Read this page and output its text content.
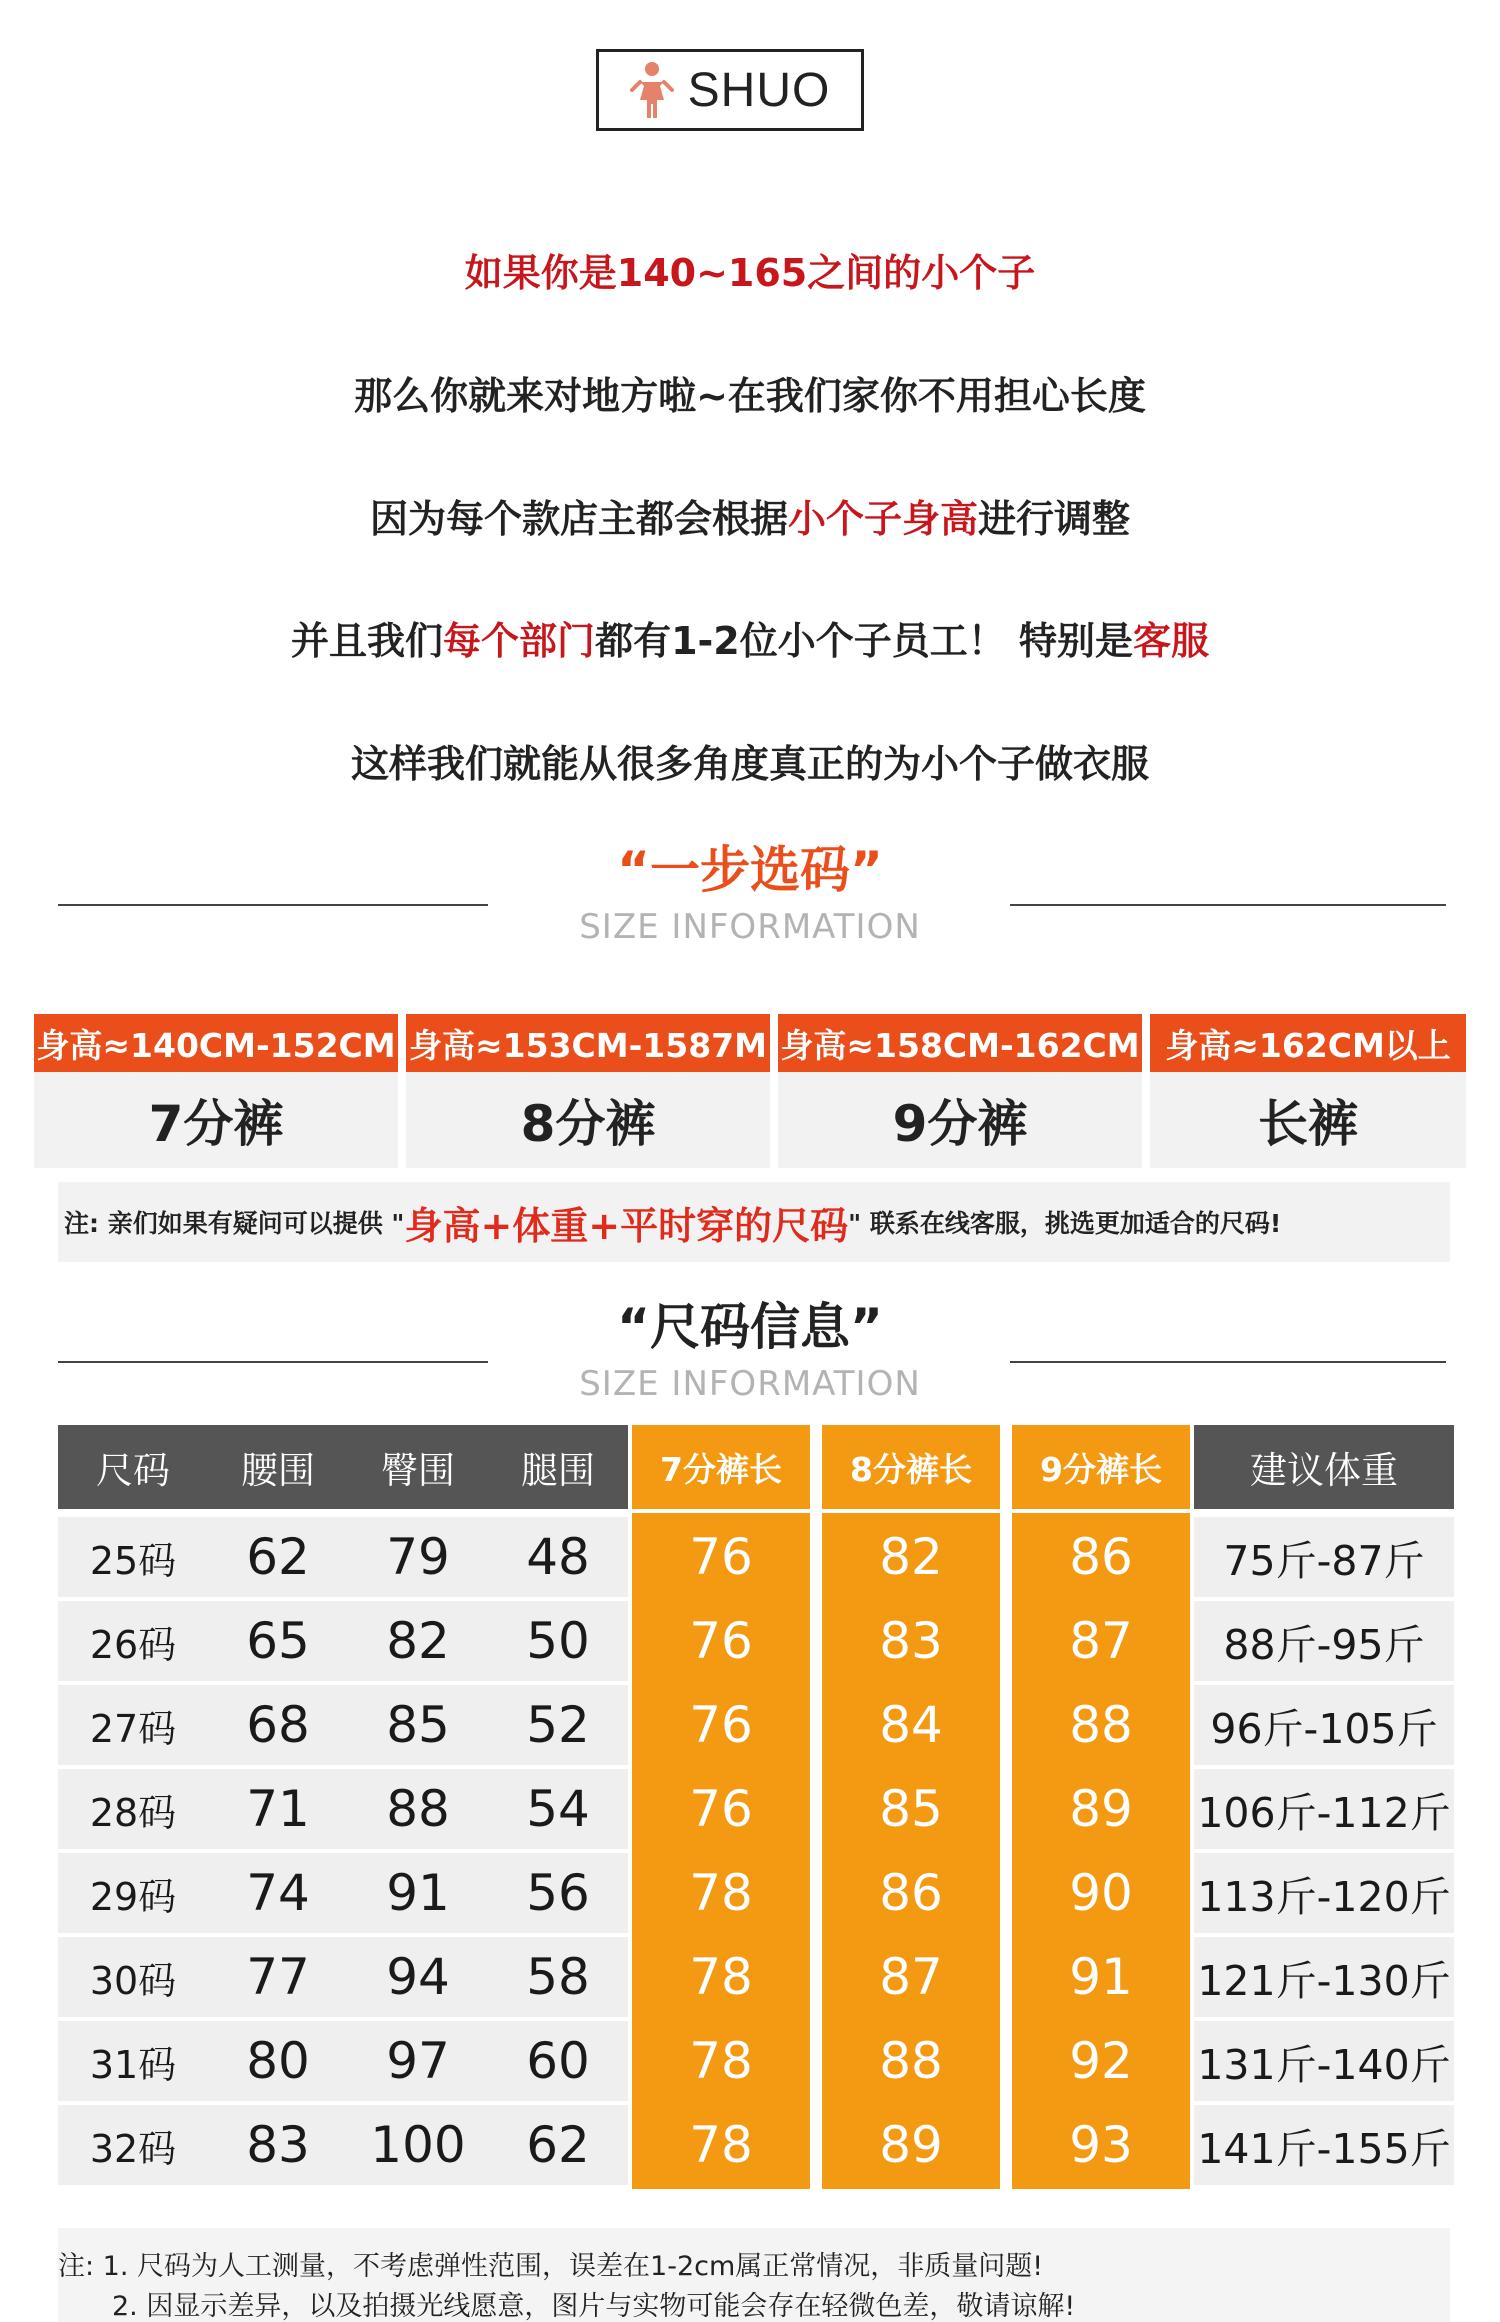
SHUO
如果你是140~165之间的小个子
那么你就来对地方啦~在我们家你不用担心长度
因为每个款店主都会根据小个子身高进行调整
并且我们每个部门都有1-2位小个子员工！ 特别是客服
这样我们就能从很多角度真正的为小个子做衣服
“一步选码”
SIZE INFORMATION
身高≈140CM-152CM
7分裤
身高≈153CM-1587M
8分裤
身高≈158CM-162CM
9分裤
身高≈162CM以上
长裤
注: 亲们如果有疑问可以提供 " 身高+体重+平时穿的尺码 " 联系在线客服，挑选更加适合的尺码!
“尺码信息”
SIZE INFORMATION
尺码	腰围	臀围	腿围	7分裤长	8分裤长	9分裤长	建议体重
25码	62	79	48	76	82	86	75斤-87斤
26码	65	82	50	76	83	87	88斤-95斤
27码	68	85	52	76	84	88	96斤-105斤
28码	71	88	54	76	85	89	106斤-112斤
29码	74	91	56	78	86	90	113斤-120斤
30码	77	94	58	78	87	91	121斤-130斤
31码	80	97	60	78	88	92	131斤-140斤
32码	83	100	62	78	89	93	141斤-155斤
注: 1. 尺码为人工测量，不考虑弹性范围，误差在1-2cm属正常情况，非质量问题!
2. 因显示差异，以及拍摄光线愿意，图片与实物可能会存在轻微色差，敬请谅解!
